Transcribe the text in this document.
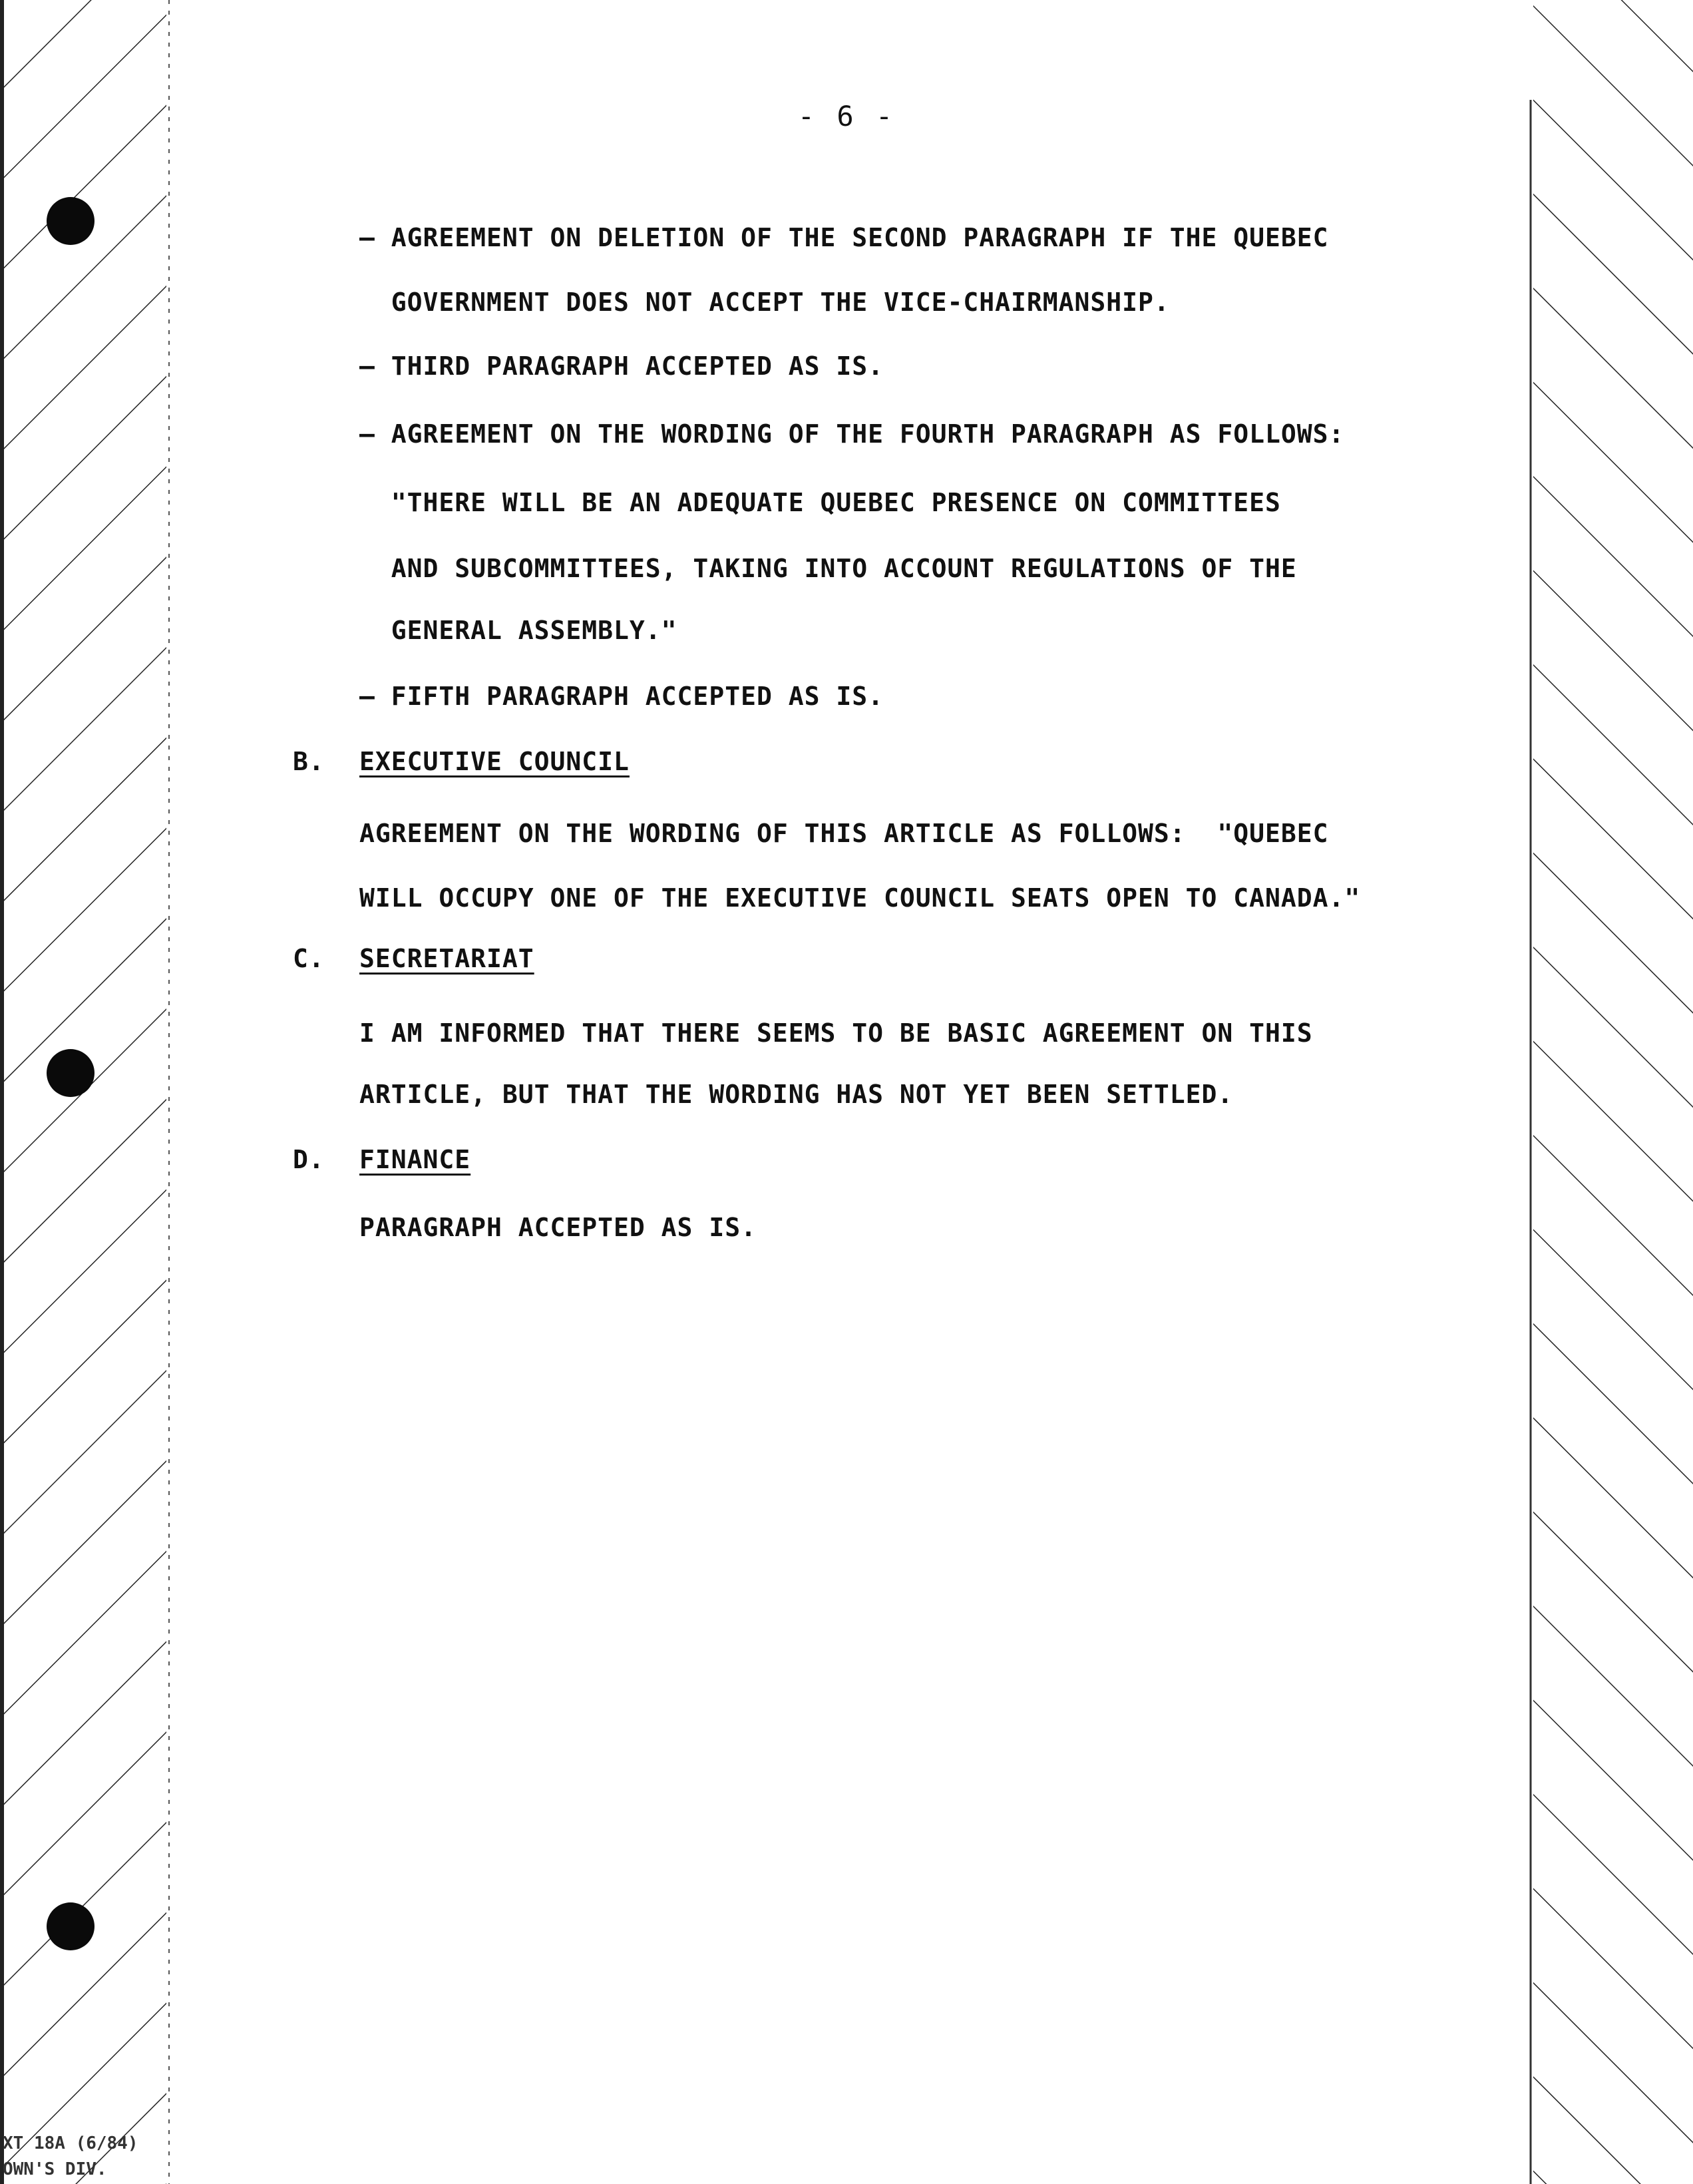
- 6 -
– AGREEMENT ON DELETION OF THE SECOND PARAGRAPH IF THE QUEBEC
GOVERNMENT DOES NOT ACCEPT THE VICE-CHAIRMANSHIP.
– THIRD PARAGRAPH ACCEPTED AS IS.
– AGREEMENT ON THE WORDING OF THE FOURTH PARAGRAPH AS FOLLOWS:
"THERE WILL BE AN ADEQUATE QUEBEC PRESENCE ON COMMITTEES
AND SUBCOMMITTEES, TAKING INTO ACCOUNT REGULATIONS OF THE
GENERAL ASSEMBLY."
– FIFTH PARAGRAPH ACCEPTED AS IS.
B. EXECUTIVE COUNCIL
AGREEMENT ON THE WORDING OF THIS ARTICLE AS FOLLOWS:  "QUEBEC
WILL OCCUPY ONE OF THE EXECUTIVE COUNCIL SEATS OPEN TO CANADA."
C. SECRETARIAT
I AM INFORMED THAT THERE SEEMS TO BE BASIC AGREEMENT ON THIS
ARTICLE, BUT THAT THE WORDING HAS NOT YET BEEN SETTLED.
D. FINANCE
PARAGRAPH ACCEPTED AS IS.
XT 18A (6/84)
OWN'S DIV.
